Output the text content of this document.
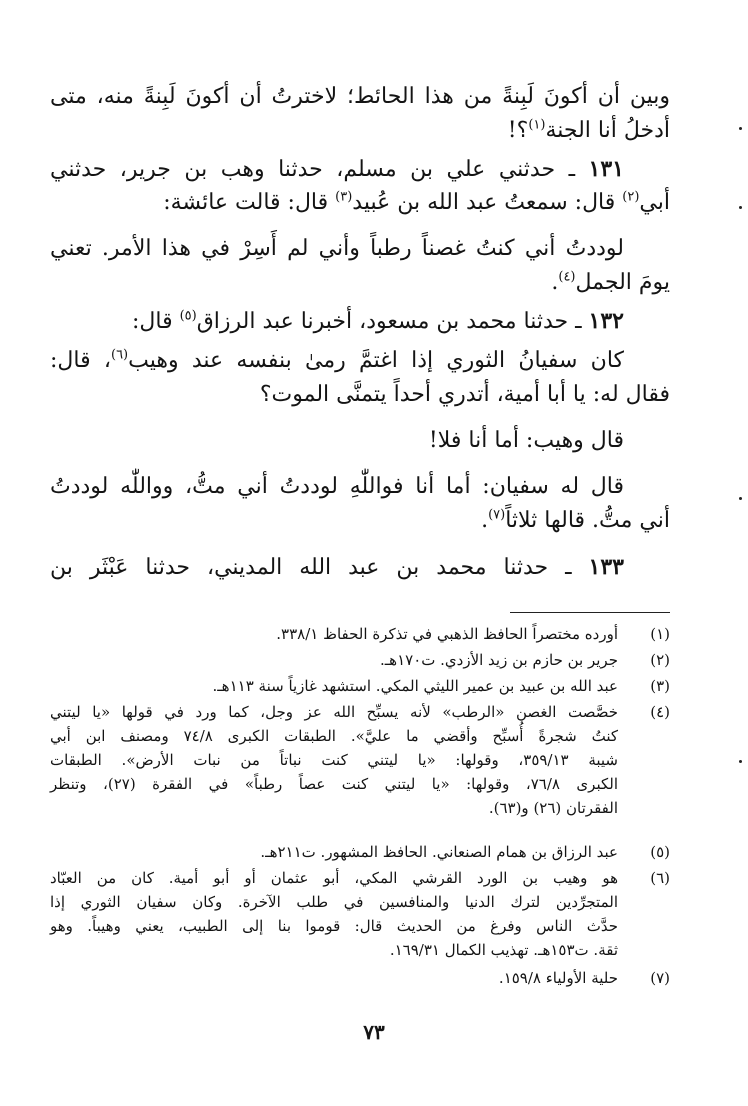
وبين أن أكونَ لَبِنةً من هذا الحائط؛ لاخترتُ أن أكونَ لَبِنةً منه، متى
أدخلُ أنا الجنة$^{(١)}$؟!
١٣١ ـ حدثني علي بن مسلم، حدثنا وهب بن جرير، حدثني
أبي$^{(٢)}$ قال: سمعتُ عبد الله بن عُبيد$^{(٣)}$ قال: قالت عائشة:
لوددتُ أني كنتُ غصناً رطباً وأني لم أَسِرْ في هذا الأمر. تعني
يومَ الجمل$^{(٤)}$.
١٣٢ ـ حدثنا محمد بن مسعود، أخبرنا عبد الرزاق$^{(٥)}$ قال:
كان سفيانُ الثوري إذا اغتمَّ رمىٰ بنفسه عند وهيب$^{(٦)}$، قال:
فقال له: يا أبا أمية، أتدري أحداً يتمنَّى الموت؟
قال وهيب: أما أنا فلا!
قال له سفيان: أما أنا فواللّٰهِ لوددتُ أني متُّ، وواللّٰه لوددتُ
أني متُّ. قالها ثلاثاً$^{(٧)}$.
١٣٣ ـ حدثنا محمد بن عبد الله المديني، حدثنا عَبْثَر بن
(١)
أورده مختصراً الحافظ الذهبي في تذكرة الحفاظ ٣٣٨/١.
(٢)
جرير بن حازم بن زيد الأزدي. ت١٧٠هـ.
(٣)
عبد الله بن عبيد بن عمير الليثي المكي. استشهد غازياً سنة ١١٣هـ.
(٤)
خصَّصت الغصن «الرطب» لأنه يسبِّح الله عز وجل، كما ورد في قولها «يا ليتني
كنتُ شجرةً أُسبِّح وأقضي ما عليَّ». الطبقات الكبرى ٧٤/٨ ومصنف ابن أبي
شيبة ٣٥٩/١٣، وقولها: «يا ليتني كنت نباتاً من نبات الأرض». الطبقات
الكبرى ٧٦/٨، وقولها: «يا ليتني كنت عصاً رطباً» في الفقرة (٢٧)، وتنظر
الفقرتان (٢٦) و(٦٣).
(٥)
عبد الرزاق بن همام الصنعاني. الحافظ المشهور. ت٢١١هـ.
(٦)
هو وهيب بن الورد القرشي المكي، أبو عثمان أو أبو أمية. كان من العبّاد
المتجرِّدين لترك الدنيا والمنافسين في طلب الآخرة. وكان سفيان الثوري إذا
حدَّث الناس وفرغ من الحديث قال: قوموا بنا إلى الطبيب، يعني وهيباً. وهو
ثقة. ت١٥٣هـ. تهذيب الكمال ١٦٩/٣١.
(٧)
حلية الأولياء ١٥٩/٨.
٧٣
